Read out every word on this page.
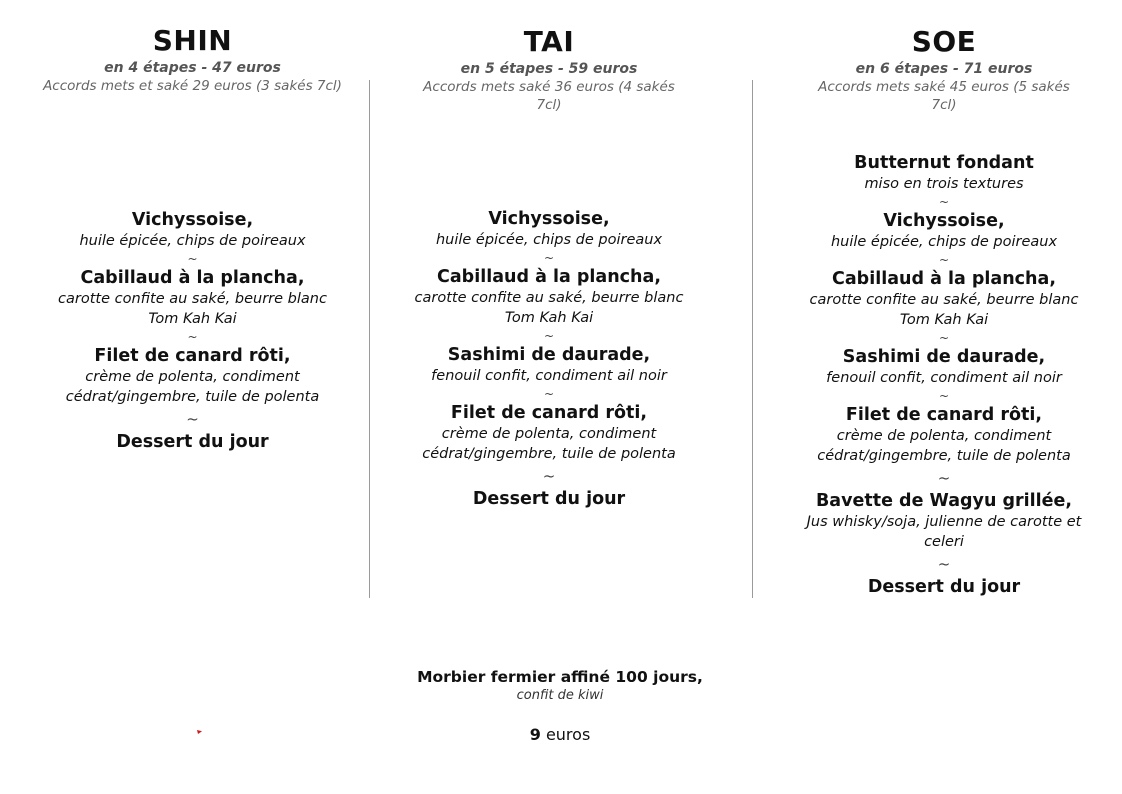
SHIN
en 4 étapes - 47 euros
Accords mets et saké 29 euros (3 sakés 7cl)
Vichyssoise,
huile épicée, chips de poireaux
~
Cabillaud à la plancha,
carotte confite au saké, beurre blanc
Tom Kah Kai
~
Filet de canard rôti,
crème de polenta, condiment
cédrat/gingembre, tuile de polenta
~
Dessert du jour
TAI
en 5 étapes - 59 euros
Accords mets saké 36 euros (4 sakés
7cl)
Vichyssoise,
huile épicée, chips de poireaux
~
Cabillaud à la plancha,
carotte confite au saké, beurre blanc
Tom Kah Kai
~
Sashimi de daurade,
fenouil confit, condiment ail noir
~
Filet de canard rôti,
crème de polenta, condiment
cédrat/gingembre, tuile de polenta
~
Dessert du jour
SOE
en 6 étapes - 71 euros
Accords mets saké 45 euros (5 sakés
7cl)
Butternut fondant
miso en trois textures
~
Vichyssoise,
huile épicée, chips de poireaux
~
Cabillaud à la plancha,
carotte confite au saké, beurre blanc
Tom Kah Kai
~
Sashimi de daurade,
fenouil confit, condiment ail noir
~
Filet de canard rôti,
crème de polenta, condiment
cédrat/gingembre, tuile de polenta
~
Bavette de Wagyu grillée,
Jus whisky/soja, julienne de carotte et
celeri
~
Dessert du jour
Morbier fermier affiné 100 jours,
confit de kiwi
9 euros
